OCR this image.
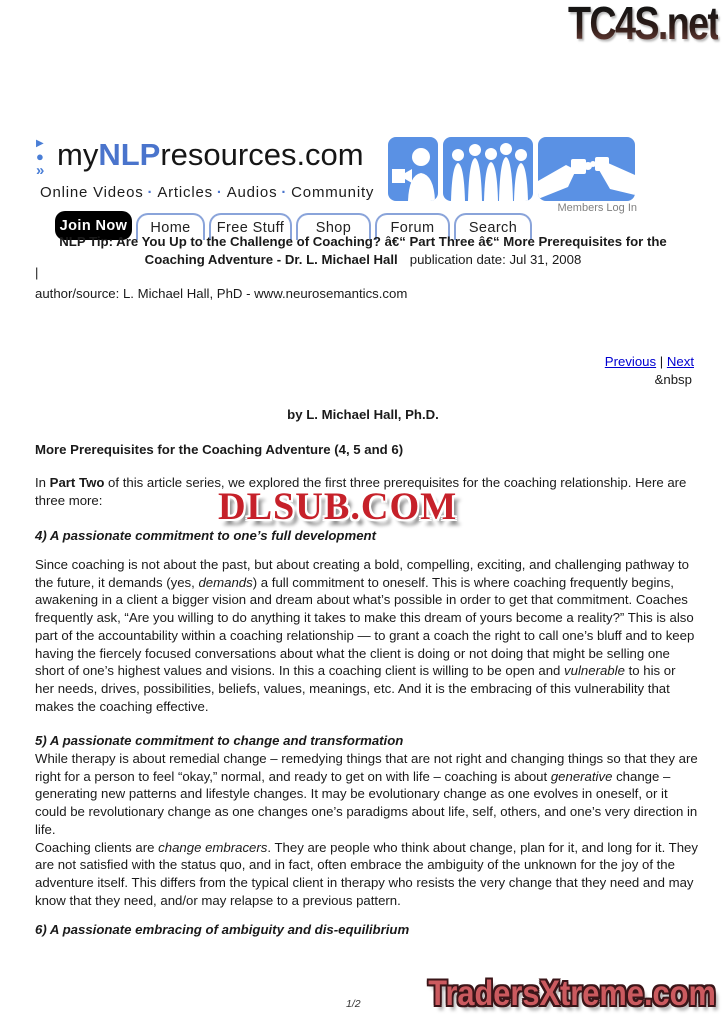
TC4S.net
DLSUB.COM
TradersXtreme.com
▶
●
» myNLPresources.com
Online Videos · Articles · Audios · Community
Members Log In
Join Now	Home	Free Stuff	Shop	Forum	Search
NLP Tip: Are You Up to the Challenge of Coaching? â€“ Part Three â€“ More Prerequisites for the
Coaching Adventure - Dr. L. Michael Hall publication date: Jul 31, 2008
|
author/source: L. Michael Hall, PhD - www.neurosemantics.com
Previous | Next
&nbsp
by L. Michael Hall, Ph.D.
More Prerequisites for the Coaching Adventure (4, 5 and 6)

In Part Two of this article series, we explored the first three prerequisites for the coaching relationship. Here are three more:

4) A passionate commitment to one’s full development

Since coaching is not about the past, but about creating a bold, compelling, exciting, and challenging pathway to the future, it demands (yes, demands) a full commitment to oneself. This is where coaching frequently begins, awakening in a client a bigger vision and dream about what’s possible in order to get that commitment. Coaches frequently ask, “Are you willing to do anything it takes to make this dream of yours become a reality?” This is also part of the accountability within a coaching relationship — to grant a coach the right to call one’s bluff and to keep having the fiercely focused conversations about what the client is doing or not doing that might be selling one short of one’s highest values and visions. In this a coaching client is willing to be open and vulnerable to his or her needs, drives, possibilities, beliefs, values, meanings, etc. And it is the embracing of this vulnerability that makes the coaching effective.

5) A passionate commitment to change and transformation

While therapy is about remedial change – remedying things that are not right and changing things so that they are right for a person to feel “okay,” normal, and ready to get on with life – coaching is about generative change – generating new patterns and lifestyle changes. It may be evolutionary change as one evolves in oneself, or it could be revolutionary change as one changes one’s paradigms about life, self, others, and one’s very direction in life.

Coaching clients are change embracers. They are people who think about change, plan for it, and long for it. They are not satisfied with the status quo, and in fact, often embrace the ambiguity of the unknown for the joy of the adventure itself. This differs from the typical client in therapy who resists the very change that they need and may know that they need, and/or may relapse to a previous pattern.

6) A passionate embracing of ambiguity and dis-equilibrium
1/2
